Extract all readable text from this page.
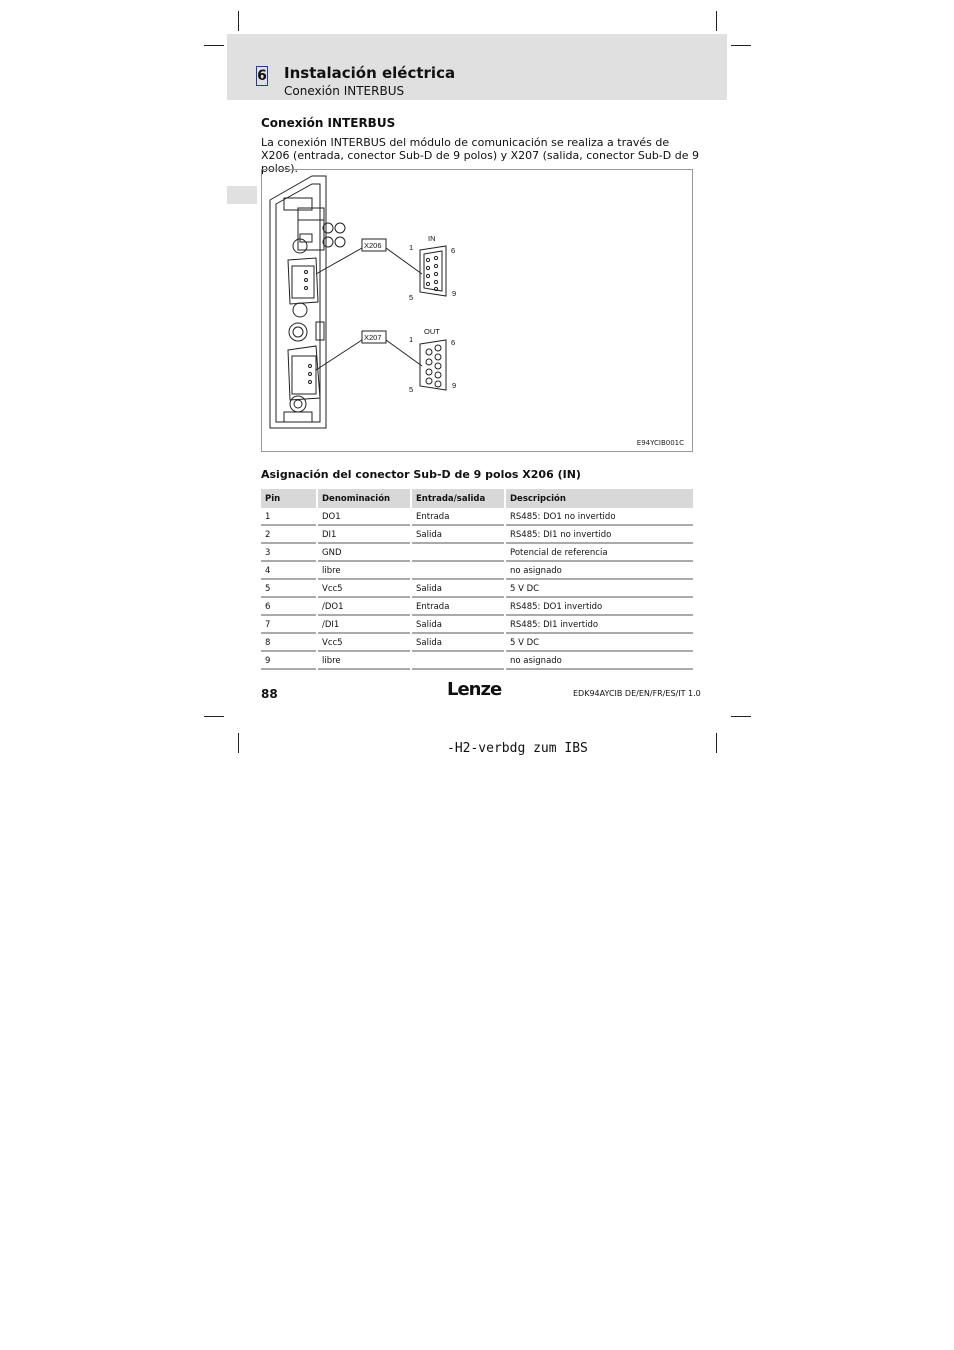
6 Instalación eléctrica
Conexión INTERBUS
Conexión INTERBUS
La conexión INTERBUS del módulo de comunicación se realiza a través de X206 (entrada, conector Sub-D de 9 polos) y X207 (salida, conector Sub-D de 9 polos).
X206
X207
IN
OUT
1
5
6
9
1
5
6
9
E94YCIB001C
Asignación del conector Sub-D de 9 polos X206 (IN)
Pin	Denominación	Entrada/salida	Descripción
1	DO1	Entrada	RS485: DO1 no invertido
2	DI1	Salida	RS485: DI1 no invertido
3	GND		Potencial de referencia
4	libre		no asignado
5	Vcc5	Salida	5 V DC
6	/DO1	Entrada	RS485: DO1 invertido
7	/DI1	Salida	RS485: DI1 invertido
8	Vcc5	Salida	5 V DC
9	libre		no asignado
88	Lenze	EDK94AYCIB DE/EN/FR/ES/IT 1.0
-H2-verbdg zum IBS
